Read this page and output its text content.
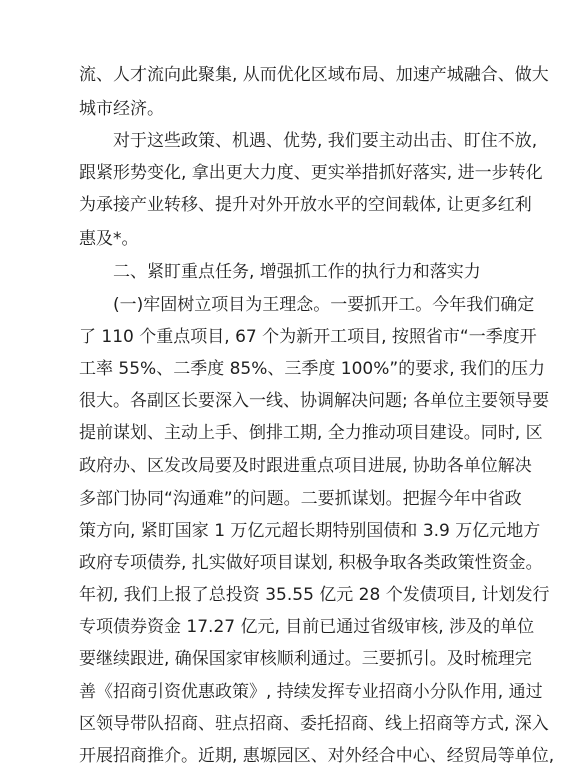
流、人才流向此聚集, 从而优化区域布局、加速产城融合、做大
城市经济。
对于这些政策、机遇、优势, 我们要主动出击、盯住不放,
跟紧形势变化, 拿出更大力度、更实举措抓好落实, 进一步转化
为承接产业转移、提升对外开放水平的空间载体, 让更多红利
惠及*。
二、紧盯重点任务, 增强抓工作的执行力和落实力
(一)牢固树立项目为王理念。一要抓开工。今年我们确定
了 110 个重点项目, 67 个为新开工项目, 按照省市“一季度开
工率 55%、二季度 85%、三季度 100%”的要求, 我们的压力
很大。各副区长要深入一线、协调解决问题; 各单位主要领导要
提前谋划、主动上手、倒排工期, 全力推动项目建设。同时, 区
政府办、区发改局要及时跟进重点项目进展, 协助各单位解决
多部门协同“沟通难”的问题。二要抓谋划。把握今年中省政
策方向, 紧盯国家 1 万亿元超长期特别国债和 3.9 万亿元地方
政府专项债券, 扎实做好项目谋划, 积极争取各类政策性资金。
年初, 我们上报了总投资 35.55 亿元 28 个发债项目, 计划发行
专项债券资金 17.27 亿元, 目前已通过省级审核, 涉及的单位
要继续跟进, 确保国家审核顺利通过。三要抓引。及时梳理完
善《招商引资优惠政策》, 持续发挥专业招商小分队作用, 通过
区领导带队招商、驻点招商、委托招商、线上招商等方式, 深入
开展招商推介。近期, 惠塬园区、对外经合中心、经贸局等单位,
